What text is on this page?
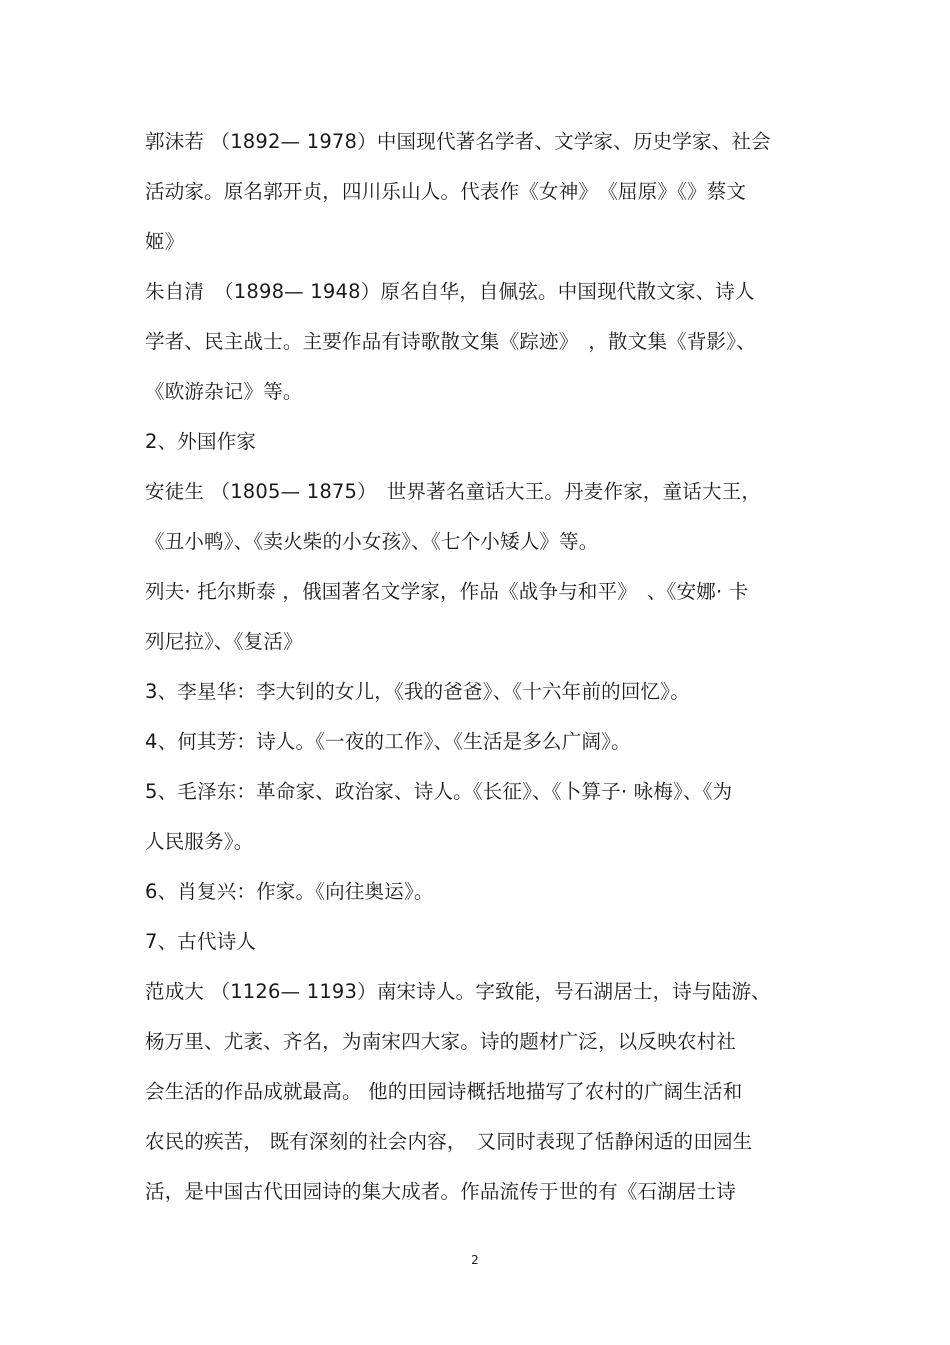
郭沫若 （1892— 1978）中国现代著名学者、文学家、历史学家、社会
活动家。原名郭开贞，四川乐山人。代表作《女神》　《屈原》《》蔡文
姬》
朱自清　（1898— 1948）原名自华，自佩弦。中国现代散文家、诗人
学者、民主战士。主要作品有诗歌散文集《踪迹》　，散文集《背影》、
《欧游杂记》等。
2、外国作家
安徒生 （1805— 1875）　世界著名童话大王。丹麦作家，童话大王，
《丑小鸭》、《卖火柴的小女孩》、《七个小矮人》等。
列夫· 托尔斯泰 ，俄国著名文学家，作品《战争与和平》　、《安娜· 卡
列尼拉》、《复活》
3、李星华：李大钊的女儿，《我的爸爸》、《十六年前的回忆》。
4、何其芳：诗人。《一夜的工作》、《生活是多么广阔》。
5、毛泽东：革命家、政治家、诗人。《长征》、《卜算子· 咏梅》、《为
人民服务》。
6、肖复兴：作家。《向往奥运》。
7、古代诗人
范成大 （1126— 1193）南宋诗人。字致能，号石湖居士，诗与陆游、
杨万里、尤袤、齐名，为南宋四大家。诗的题材广泛，以反映农村社
会生活的作品成就最高。 他的田园诗概括地描写了农村的广阔生活和
农民的疾苦， 既有深刻的社会内容，　又同时表现了恬静闲适的田园生
活，是中国古代田园诗的集大成者。作品流传于世的有《石湖居士诗
2
